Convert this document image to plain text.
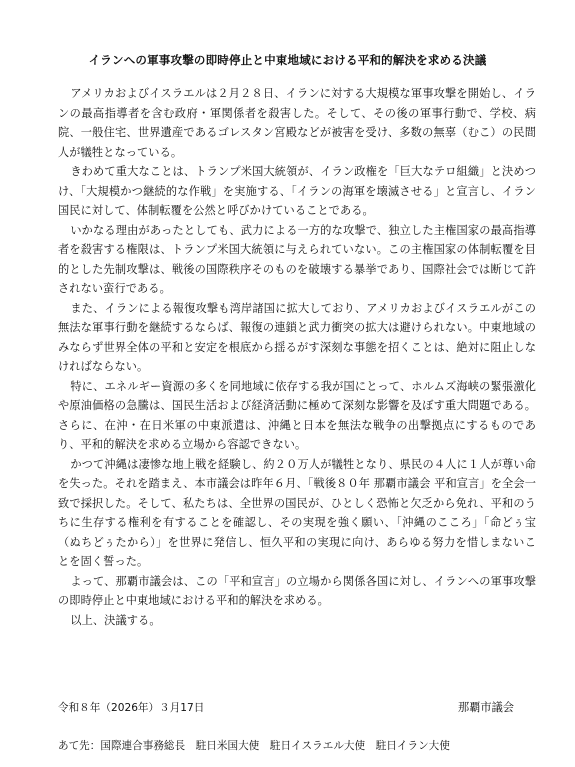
イランへの軍事攻撃の即時停止と中東地域における平和的解決を求める決議

アメリカおよびイスラエルは２月２８日、イランに対する大規模な軍事攻撃を開始し、イランの最高指導者を含む政府・軍関係者を殺害した。そして、その後の軍事行動で、学校、病院、一般住宅、世界遺産であるゴレスタン宮殿などが被害を受け、多数の無辜（むこ）の民間人が犠牲となっている。

きわめて重大なことは、トランプ米国大統領が、イラン政権を「巨大なテロ組織」と決めつけ、「大規模かつ継続的な作戦」を実施する、「イランの海軍を壊滅させる」と宣言し、イラン国民に対して、体制転覆を公然と呼びかけていることである。

いかなる理由があったとしても、武力による一方的な攻撃で、独立した主権国家の最高指導者を殺害する権限は、トランプ米国大統領に与えられていない。この主権国家の体制転覆を目的とした先制攻撃は、戦後の国際秩序そのものを破壊する暴挙であり、国際社会では断じて許されない蛮行である。

また、イランによる報復攻撃も湾岸諸国に拡大しており、アメリカおよびイスラエルがこの無法な軍事行動を継続するならば、報復の連鎖と武力衝突の拡大は避けられない。中東地域のみならず世界全体の平和と安定を根底から揺るがす深刻な事態を招くことは、絶対に阻止しなければならない。

特に、エネルギー資源の多くを同地域に依存する我が国にとって、ホルムズ海峡の緊張激化や原油価格の急騰は、国民生活および経済活動に極めて深刻な影響を及ぼす重大問題である。さらに、在沖・在日米軍の中東派遣は、沖縄と日本を無法な戦争の出撃拠点にするものであり、平和的解決を求める立場から容認できない。

かつて沖縄は凄惨な地上戦を経験し、約２０万人が犠牲となり、県民の４人に１人が尊い命を失った。それを踏まえ、本市議会は昨年６月、「戦後８０年 那覇市議会 平和宣言」を全会一致で採択した。そして、私たちは、全世界の国民が、ひとしく恐怖と欠乏から免れ、平和のうちに生存する権利を有することを確認し、その実現を強く願い、「沖縄のこころ」「命どぅ宝（ぬちどぅたから）」を世界に発信し、恒久平和の実現に向け、あらゆる努力を惜しまないことを固く誓った。

よって、那覇市議会は、この「平和宣言」の立場から関係各国に対し、イランへの軍事攻撃の即時停止と中東地域における平和的解決を求める。

以上、決議する。

令和８年（2026年）３月17日	那覇市議会
あて先：国際連合事務総長　駐日米国大使　駐日イスラエル大使　駐日イラン大使
